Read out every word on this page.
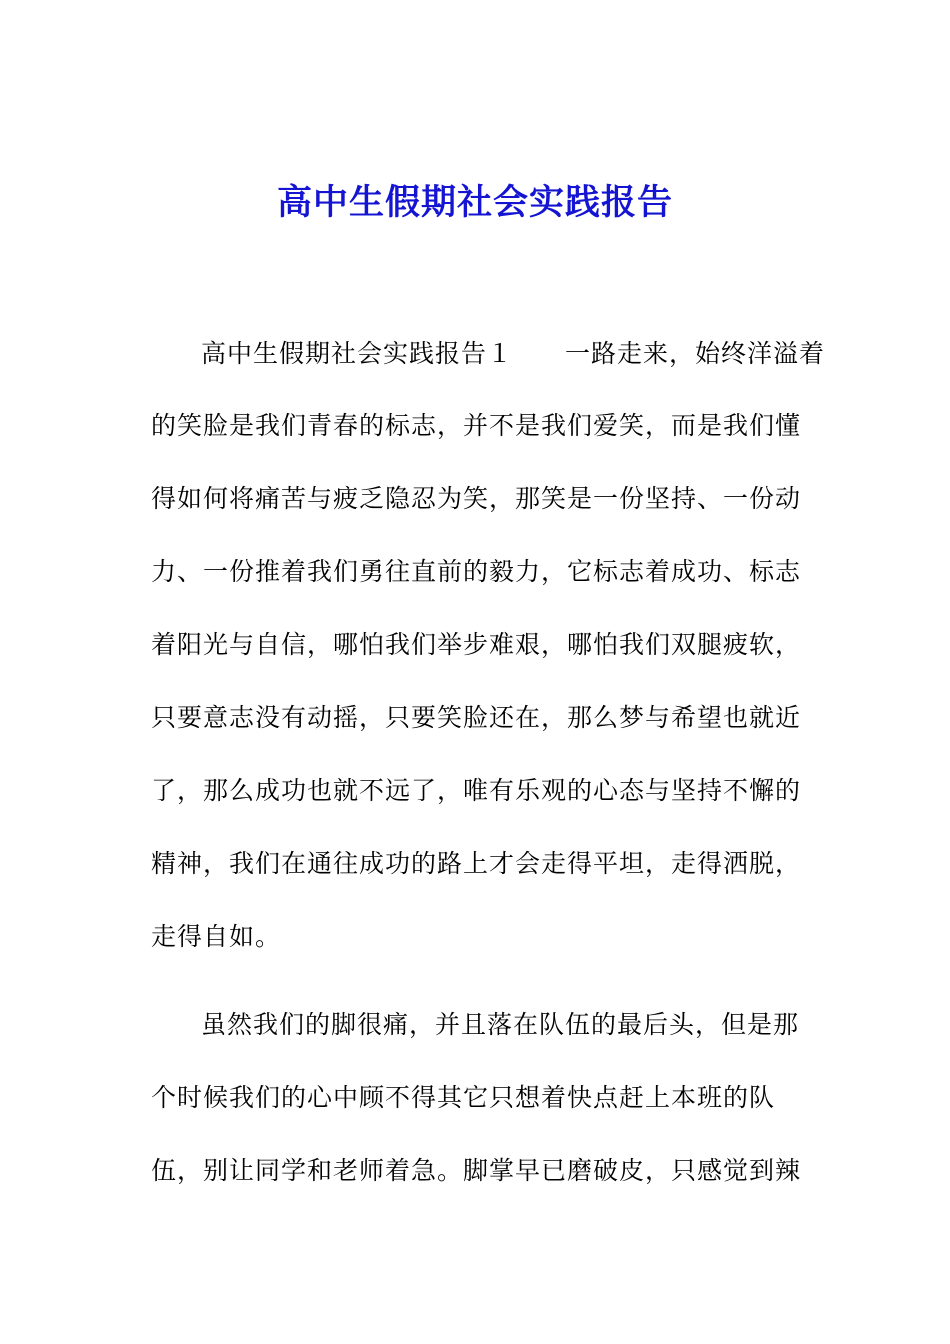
高中生假期社会实践报告
高中生假期社会实践报告１　　一路走来，始终洋溢着
的笑脸是我们青春的标志，并不是我们爱笑，而是我们懂
得如何将痛苦与疲乏隐忍为笑，那笑是一份坚持、一份动
力、一份推着我们勇往直前的毅力，它标志着成功、标志
着阳光与自信，哪怕我们举步难艰，哪怕我们双腿疲软，
只要意志没有动摇，只要笑脸还在，那么梦与希望也就近
了，那么成功也就不远了，唯有乐观的心态与坚持不懈的
精神，我们在通往成功的路上才会走得平坦，走得洒脱，
走得自如。
虽然我们的脚很痛，并且落在队伍的最后头，但是那
个时候我们的心中顾不得其它只想着快点赶上本班的队
伍，别让同学和老师着急。脚掌早已磨破皮，只感觉到辣
